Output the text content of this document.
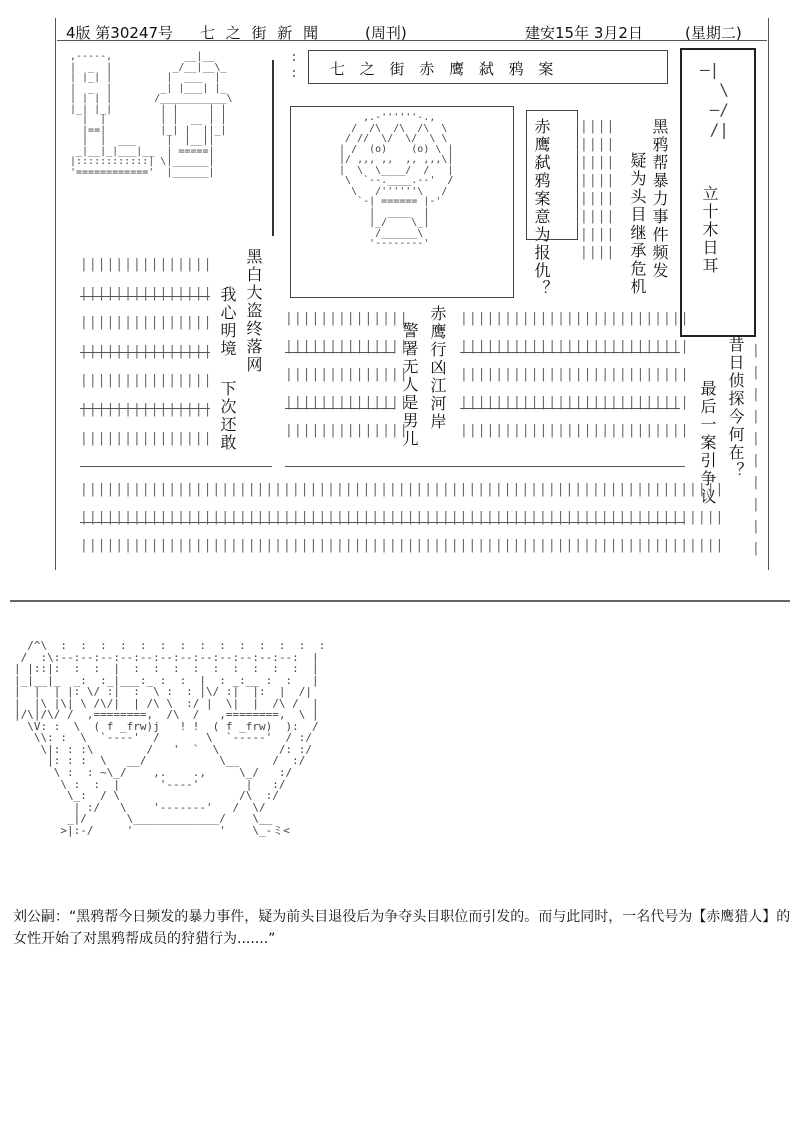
4版 第30247号 七 之 街 新 聞	(周刊)	建安15年 3月2日	(星期二)
,-----,            __|__
|  _  |          _/__|__\_
| |_| |         |  ___  |
|  _  |        _| |___| |_
| | | |       /___________\
|_| |_|        | |     | |
|  |         | |  __ | |
|==|         |_| |  ||_|
|  |  ___     |  |__||
_|__|_|___|__  | =====|
|::::::::::::| \|______|
'============'  |______|
七 之 街 赤 鹰 弑 鸦 案
: :
,.-''''''-.,
/  /\  /\  /\  \
/ //  \/  \/  \ \
| /  (o)    (o) \ |
|/ ,,, ,,  ,, ,,,\|
|  \  \____/  /   |
\  `--.____.--'  /
\   /''''''\   /
`-| ====== |-'
|  ____  |
|_/    \_|
/______\
'--------'
—|
\
—/
/|
立十木日耳
赤鹰弑鸦案意为报仇？	黑鸦帮暴力事件频发
疑为头目继承危机
|||| |||| |||| |||| |||| |||| |||| ||||
黑白大盗终落网
我心明境
下次还敢	赤鹰行凶江河岸
警署无人是男儿	昔日侦探今何在？
最后一案引争议
||||||||||||||| ||||||||||||||| ||||||||||||||| ||||||||||||||| ||||||||||||||| ||||||||||||||| |||||||||||||||
|||||||||||||| |||||||||||||| |||||||||||||| |||||||||||||| ||||||||||||||
|||||||||||||||||||||||||| |||||||||||||||||||||||||| |||||||||||||||||||||||||| |||||||||||||||||||||||||| ||||||||||||||||||||||||||
||||||||||||||||||||||||||||||||||||||||||||||||||||||||||||||||||||||||| ||||||||||||||||||||||||||||||||||||||||||||||||||||||||||||||||||||||||| |||||||||||||||||||||||||||||||||||||||||||||||||||||||||||||||||||||||||
| | | | | | | | | |
/^\  :  :  :  :  :  :  :  :  :  :  :  :  :  :
/  :\:--:--:--:--:--:--:--:--:--:--:--:--:  |
| |::|:  :  :  |  :  :  :  :  :  :  :  :  :  |
|_|__|_  _:  :_|___:_ :  :  |  : _:__ :  :   |
|  |  | |: \/ :|  :  \ :  : |\/ :|  |:  |  /|
|  |\ |\| \ /\/|  | /\ \  :/ |  \|  |  /\ /  |
|/\|/\/ /  ,========,  /\  /   ,========,  \ |
\V: :  \  ( f _frw)j   ! !  ( f _frw)  ):  /
\\: :  \  `----'  /       \  `-----'  / :/
\|: : :\        /   '  `  \         /: :/
|: : :  \   __/           \__     /  :/
\ :  : ~\_/    ,.    .,     \_/   :/
\ :  :  |      '----'       |   :/
\_:  / \                  /\  :/
| :/   \    '-------'   /  \/
_|/      \_____________/    \__
>|:-/     '             '    \_-ミ<
刘公嗣：“黑鸦帮今日频发的暴力事件，疑为前头目退役后为争夺头目职位而引发的。而与此同时，一名代号为【赤鹰猎人】的女性开始了对黑鸦帮成员的狩猎行为.......”
